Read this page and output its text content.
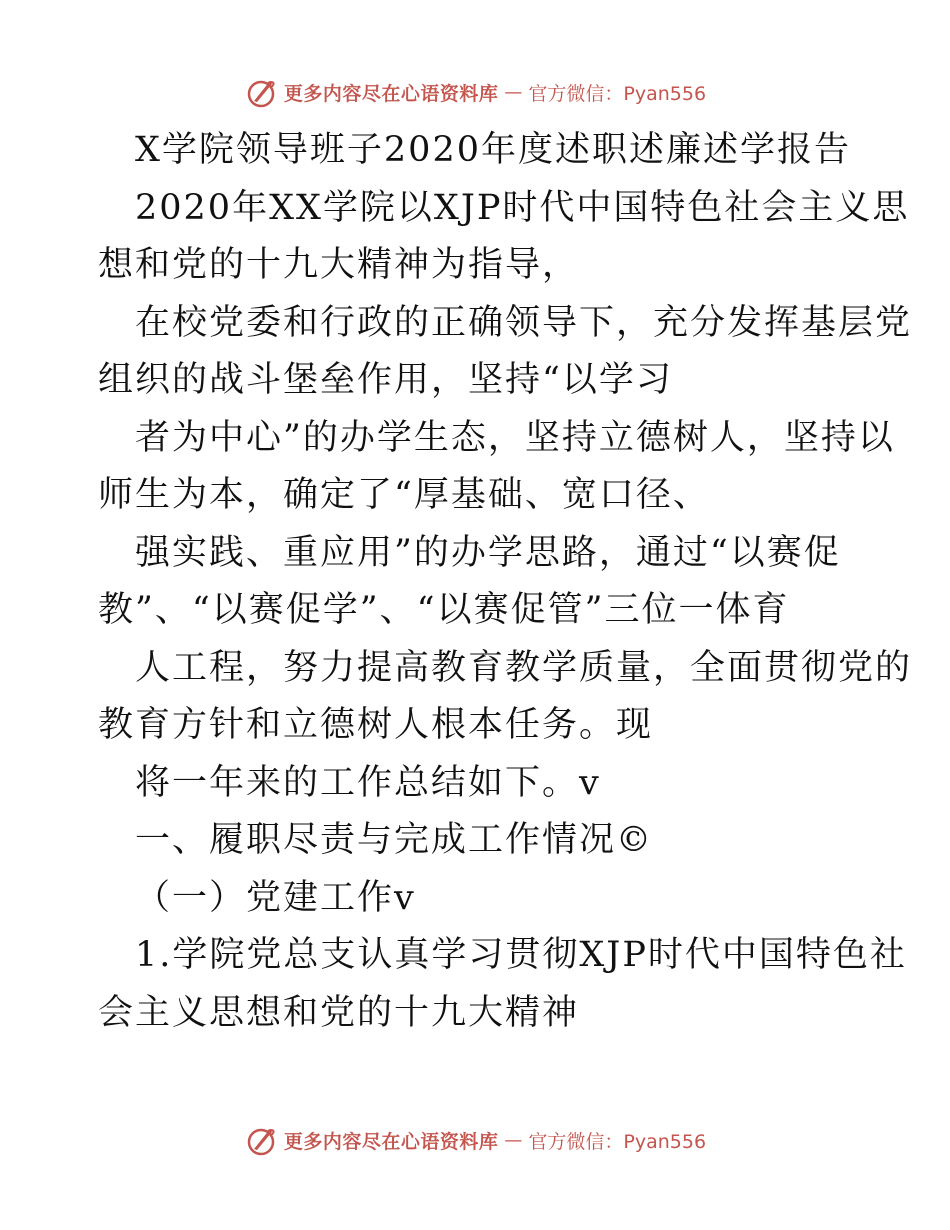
更多内容尽在心语资料库 — 官方微信：Pyan556
X学院领导班子2020年度述职述廉述学报告
2020年XX学院以XJP时代中国特色社会主义思
想和党的十九大精神为指导，
在校党委和行政的正确领导下，充分发挥基层党
组织的战斗堡垒作用，坚持“以学习
者为中心”的办学生态，坚持立德树人，坚持以
师生为本，确定了“厚基础、宽口径、
强实践、重应用”的办学思路，通过“以赛促
教”、“以赛促学”、“以赛促管”三位一体育
人工程，努力提高教育教学质量，全面贯彻党的
教育方针和立德树人根本任务。现
将一年来的工作总结如下。v
一、履职尽责与完成工作情况©
（一）党建工作v
1.学院党总支认真学习贯彻XJP时代中国特色社
会主义思想和党的十九大精神
更多内容尽在心语资料库 — 官方微信：Pyan556
